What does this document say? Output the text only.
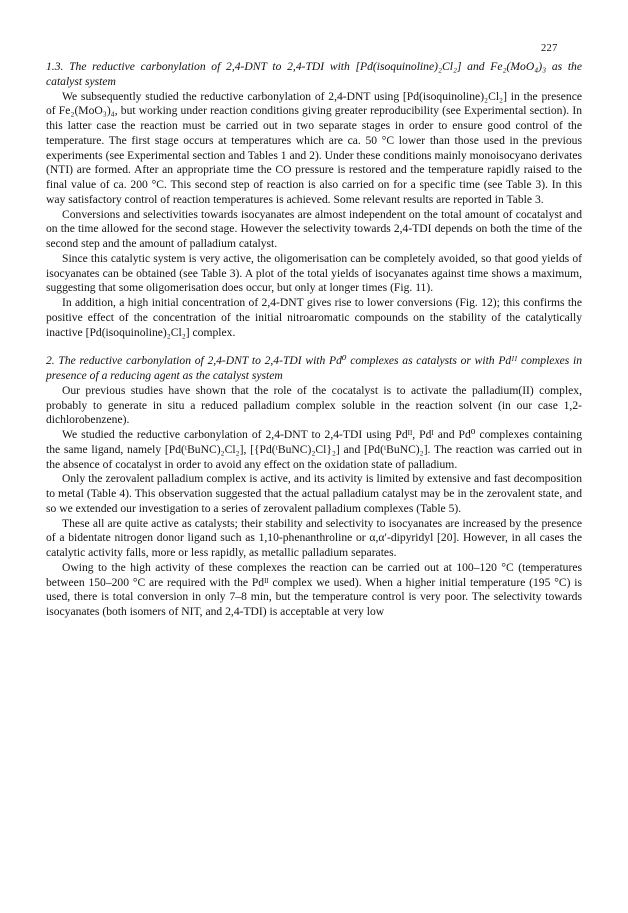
227

1.3. The reductive carbonylation of 2,4-DNT to 2,4-TDI with [Pd(isoquinoline)₂Cl₂] and Fe₂(MoO₄)₃ as the catalyst system

We subsequently studied the reductive carbonylation of 2,4-DNT using [Pd(isoquinoline)₂Cl₂] in the presence of Fe₂(MoO₃)₄, but working under reaction conditions giving greater reproducibility (see Experimental section). In this latter case the reaction must be carried out in two separate stages in order to ensure good control of the temperature. The first stage occurs at temperatures which are ca. 50 °C lower than those used in the previous experiments (see Experimental section and Tables 1 and 2). Under these conditions mainly monoisocyano derivates (NTI) are formed. After an appropriate time the CO pressure is restored and the temperature rapidly raised to the final value of ca. 200 °C. This second step of reaction is also carried on for a specific time (see Table 3). In this way satisfactory control of reaction temperatures is achieved. Some relevant results are reported in Table 3.

Conversions and selectivities towards isocyanates are almost independent on the total amount of cocatalyst and on the time allowed for the second stage. However the selectivity towards 2,4-TDI depends on both the time of the second step and the amount of palladium catalyst.

Since this catalytic system is very active, the oligomerisation can be completely avoided, so that good yields of isocyanates can be obtained (see Table 3). A plot of the total yields of isocyanates against time shows a maximum, suggesting that some oligomerisation does occur, but only at longer times (Fig. 11).

In addition, a high initial concentration of 2,4-DNT gives rise to lower conversions (Fig. 12); this confirms the positive effect of the concentration of the initial nitroaromatic compounds on the stability of the catalytically inactive [Pd(isoquinoline)₂Cl₂] complex.

2. The reductive carbonylation of 2,4-DNT to 2,4-TDI with Pd⁰ complexes as catalysts or with Pdᴵᴵ complexes in presence of a reducing agent as the catalyst system

Our previous studies have shown that the role of the cocatalyst is to activate the palladium(II) complex, probably to generate in situ a reduced palladium complex soluble in the reaction solvent (in our case 1,2-dichlorobenzene).

We studied the reductive carbonylation of 2,4-DNT to 2,4-TDI using Pdᴵᴵ, Pdᴵ and Pd⁰ complexes containing the same ligand, namely [Pd(ᵗBuNC)₂Cl₂], [{Pd(ᵗBuNC)₂Cl}₂] and [Pd(ᵗBuNC)₂]. The reaction was carried out in the absence of cocatalyst in order to avoid any effect on the oxidation state of palladium.

Only the zerovalent palladium complex is active, and its activity is limited by extensive and fast decomposition to metal (Table 4). This observation suggested that the actual palladium catalyst may be in the zerovalent state, and so we extended our investigation to a series of zerovalent palladium complexes (Table 5).

These all are quite active as catalysts; their stability and selectivity to isocyanates are increased by the presence of a bidentate nitrogen donor ligand such as 1,10-phenanthroline or α,α′-dipyridyl [20]. However, in all cases the catalytic activity falls, more or less rapidly, as metallic palladium separates.

Owing to the high activity of these complexes the reaction can be carried out at 100–120 °C (temperatures between 150–200 °C are required with the Pdᴵᴵ complex we used). When a higher initial temperature (195 °C) is used, there is total conversion in only 7–8 min, but the temperature control is very poor. The selectivity towards isocyanates (both isomers of NIT, and 2,4-TDI) is acceptable at very low
